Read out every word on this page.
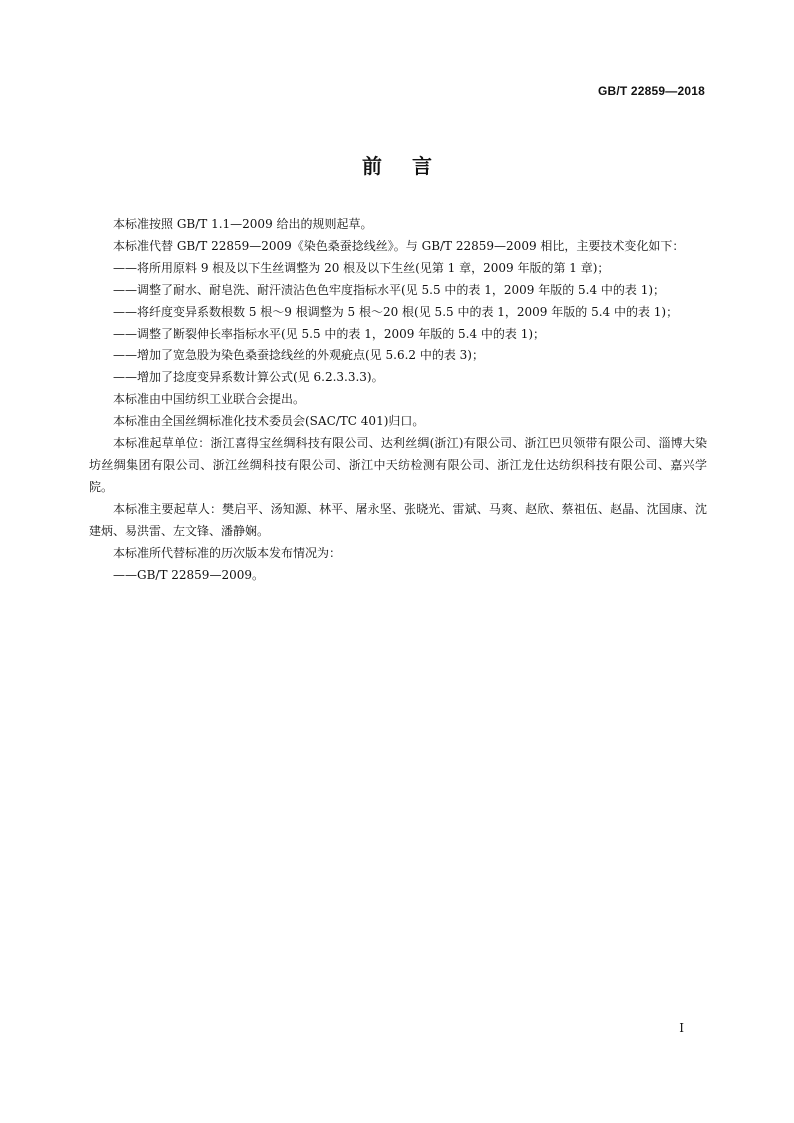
GB/T 22859—2018
前言

本标准按照 GB/T 1.1—2009 给出的规则起草。

本标准代替 GB/T 22859—2009《染色桑蚕捻线丝》。与 GB/T 22859—2009 相比，主要技术变化如下：

——将所用原料 9 根及以下生丝调整为 20 根及以下生丝(见第 1 章，2009 年版的第 1 章)；

——调整了耐水、耐皂洗、耐汗渍沾色色牢度指标水平(见 5.5 中的表 1，2009 年版的 5.4 中的表 1)；

——将纤度变异系数根数 5 根～9 根调整为 5 根～20 根(见 5.5 中的表 1，2009 年版的 5.4 中的表 1)；

——调整了断裂伸长率指标水平(见 5.5 中的表 1，2009 年版的 5.4 中的表 1)；

——增加了宽急股为染色桑蚕捻线丝的外观疵点(见 5.6.2 中的表 3)；

——增加了捻度变异系数计算公式(见 6.2.3.3.3)。

本标准由中国纺织工业联合会提出。

本标准由全国丝绸标准化技术委员会(SAC/TC 401)归口。

本标准起草单位：浙江喜得宝丝绸科技有限公司、达利丝绸(浙江)有限公司、浙江巴贝领带有限公司、淄博大染坊丝绸集团有限公司、浙江丝绸科技有限公司、浙江中天纺检测有限公司、浙江龙仕达纺织科技有限公司、嘉兴学院。

本标准主要起草人：樊启平、汤知源、林平、屠永坚、张晓光、雷斌、马爽、赵欣、蔡祖伍、赵晶、沈国康、沈建炳、易洪雷、左文锋、潘静娴。

本标准所代替标准的历次版本发布情况为：

——GB/T 22859—2009。

I
